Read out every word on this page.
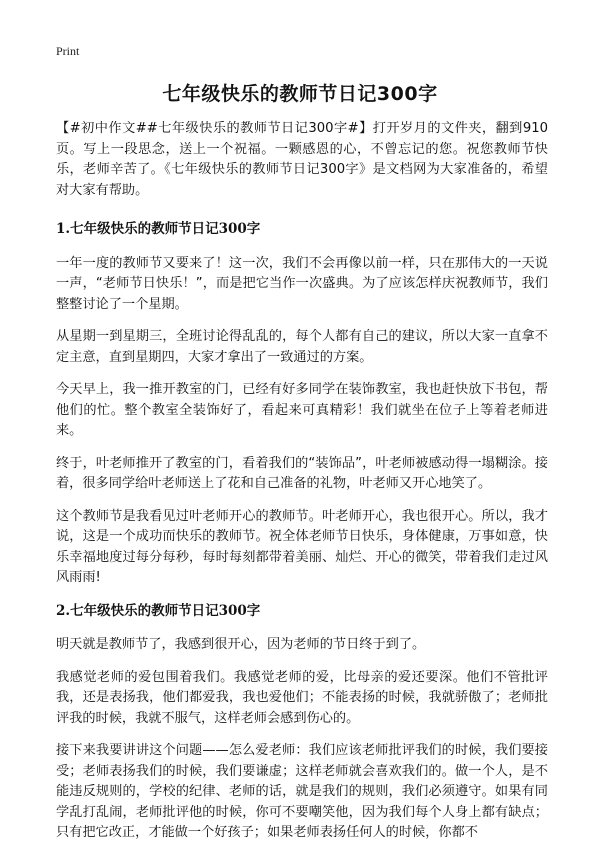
Print
七年级快乐的教师节日记300字

【#初中作文##七年级快乐的教师节日记300字#】打开岁月的文件夹，翻到910页。写上一段思念，送上一个祝福。一颗感恩的心，不曾忘记的您。祝您教师节快乐，老师辛苦了。《七年级快乐的教师节日记300字》是文档网为大家准备的，希望对大家有帮助。

1.七年级快乐的教师节日记300字

一年一度的教师节又要来了！这一次，我们不会再像以前一样，只在那伟大的一天说一声，“老师节日快乐！”，而是把它当作一次盛典。为了应该怎样庆祝教师节，我们整整讨论了一个星期。

从星期一到星期三，全班讨论得乱乱的，每个人都有自己的建议，所以大家一直拿不定主意，直到星期四，大家才拿出了一致通过的方案。

今天早上，我一推开教室的门，已经有好多同学在装饰教室，我也赶快放下书包，帮他们的忙。整个教室全装饰好了，看起来可真精彩！我们就坐在位子上等着老师进来。

终于，叶老师推开了教室的门，看着我们的“装饰品”，叶老师被感动得一塌糊涂。接着，很多同学给叶老师送上了花和自己准备的礼物，叶老师又开心地笑了。

这个教师节是我看见过叶老师开心的教师节。叶老师开心，我也很开心。所以，我才说，这是一个成功而快乐的教师节。祝全体老师节日快乐，身体健康，万事如意，快乐幸福地度过每分每秒，每时每刻都带着美丽、灿烂、开心的微笑，带着我们走过风风雨雨!

2.七年级快乐的教师节日记300字

明天就是教师节了，我感到很开心，因为老师的节日终于到了。

我感觉老师的爱包围着我们。我感觉老师的爱，比母亲的爱还要深。他们不管批评我，还是表扬我，他们都爱我，我也爱他们；不能表扬的时候，我就骄傲了；老师批评我的时候，我就不服气，这样老师会感到伤心的。

接下来我要讲讲这个问题——怎么爱老师：我们应该老师批评我们的时候，我们要接受；老师表扬我们的时候，我们要谦虚；这样老师就会喜欢我们的。做一个人，是不能违反规则的，学校的纪律、老师的话，就是我们的规则，我们必须遵守。如果有同学乱打乱闹，老师批评他的时候，你可不要嘲笑他，因为我们每个人身上都有缺点；只有把它改正，才能做一个好孩子；如果老师表扬任何人的时候，你都不
